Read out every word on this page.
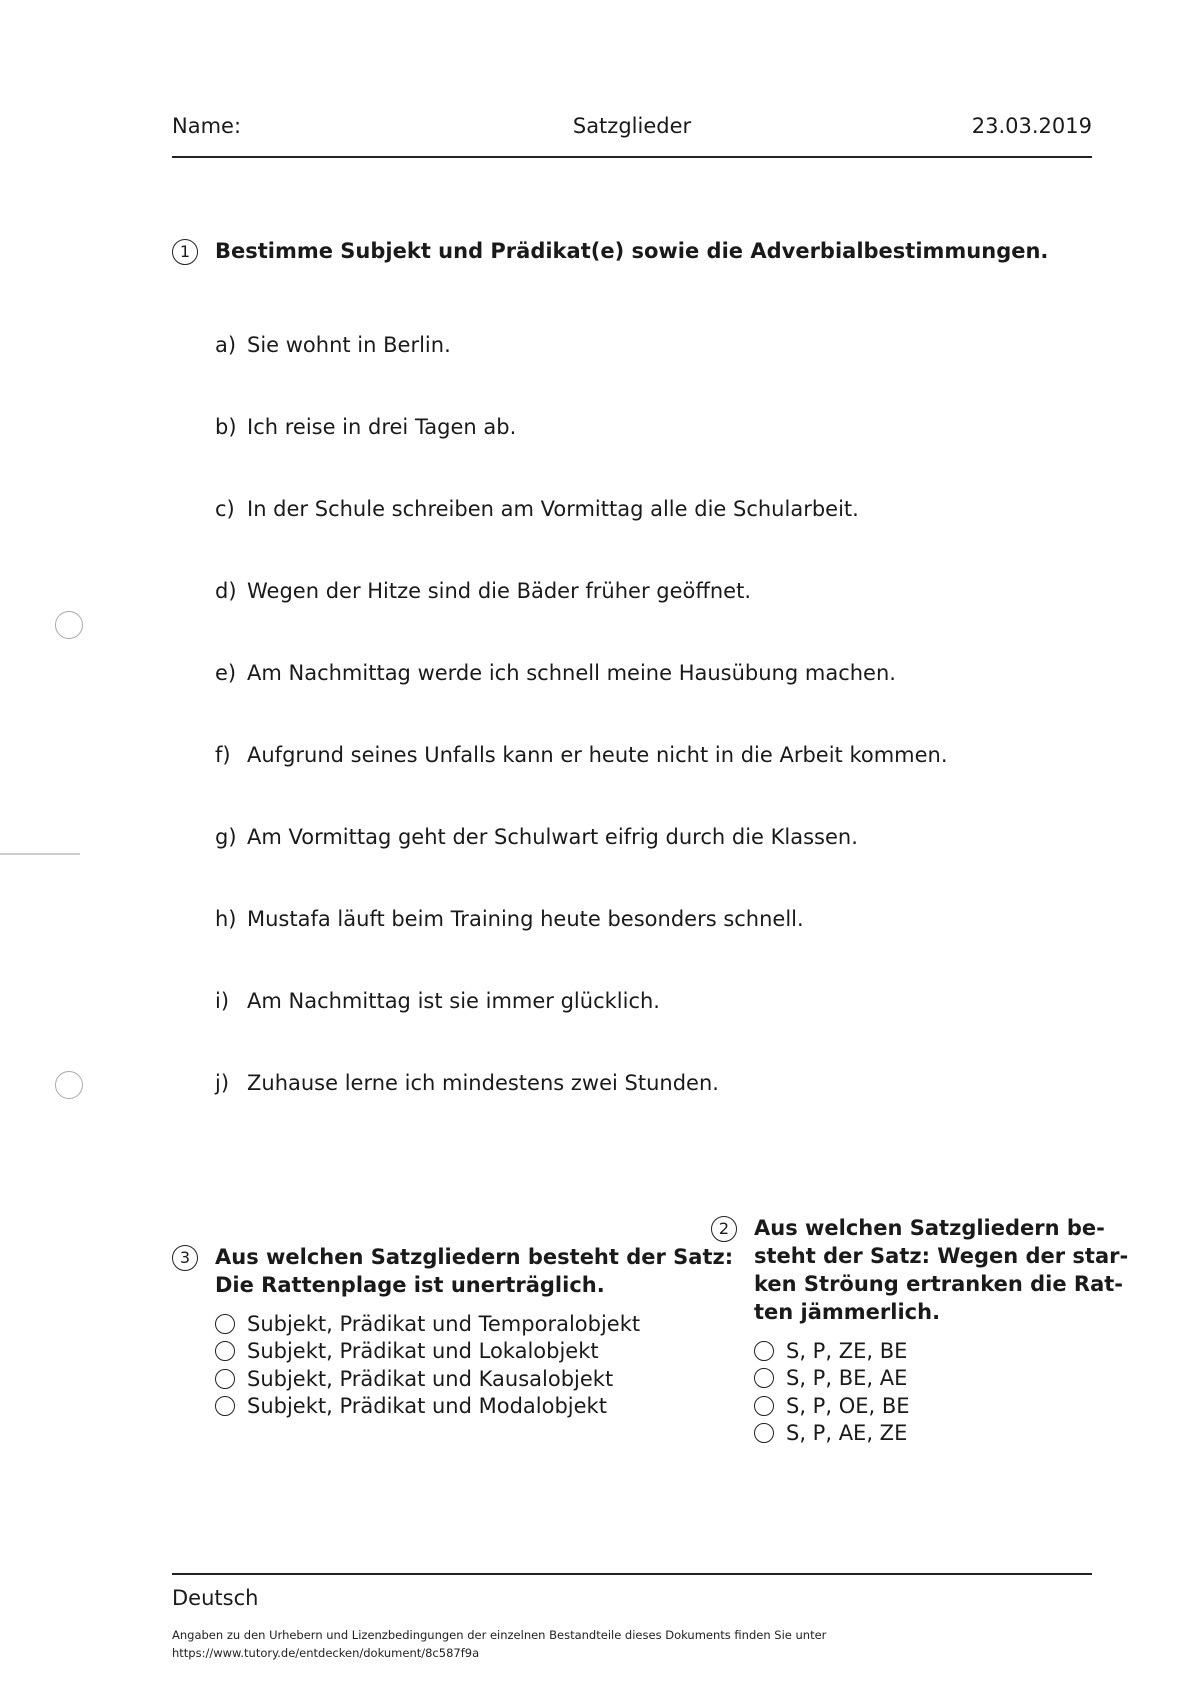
Name:	Satzglieder	23.03.2019
1	Bestimme Subjekt und Prädikat(e) sowie die Adverbialbestimmungen.
a) Sie wohnt in Berlin.
b) Ich reise in drei Tagen ab.
c) In der Schule schreiben am Vormittag alle die Schularbeit.
d) Wegen der Hitze sind die Bäder früher geöffnet.
e) Am Nachmittag werde ich schnell meine Hausübung machen.
f) Aufgrund seines Unfalls kann er heute nicht in die Arbeit kommen.
g) Am Vormittag geht der Schulwart eifrig durch die Klassen.
h) Mustafa läuft beim Training heute besonders schnell.
i) Am Nachmittag ist sie immer glücklich.
j) Zuhause lerne ich mindestens zwei Stunden.
3	Aus welchen Satzgliedern besteht der Satz:
Die Rattenplage ist unerträglich.
Subjekt, Prädikat und Temporalobjekt
Subjekt, Prädikat und Lokalobjekt
Subjekt, Prädikat und Kausalobjekt
Subjekt, Prädikat und Modalobjekt
2	Aus welchen Satzgliedern be-
steht der Satz: Wegen der star-
ken Ströung ertranken die Rat-
ten jämmerlich.
S, P, ZE, BE
S, P, BE, AE
S, P, OE, BE
S, P, AE, ZE
Deutsch
Angaben zu den Urhebern und Lizenzbedingungen der einzelnen Bestandteile dieses Dokuments finden Sie unter
https://www.tutory.de/entdecken/dokument/8c587f9a
